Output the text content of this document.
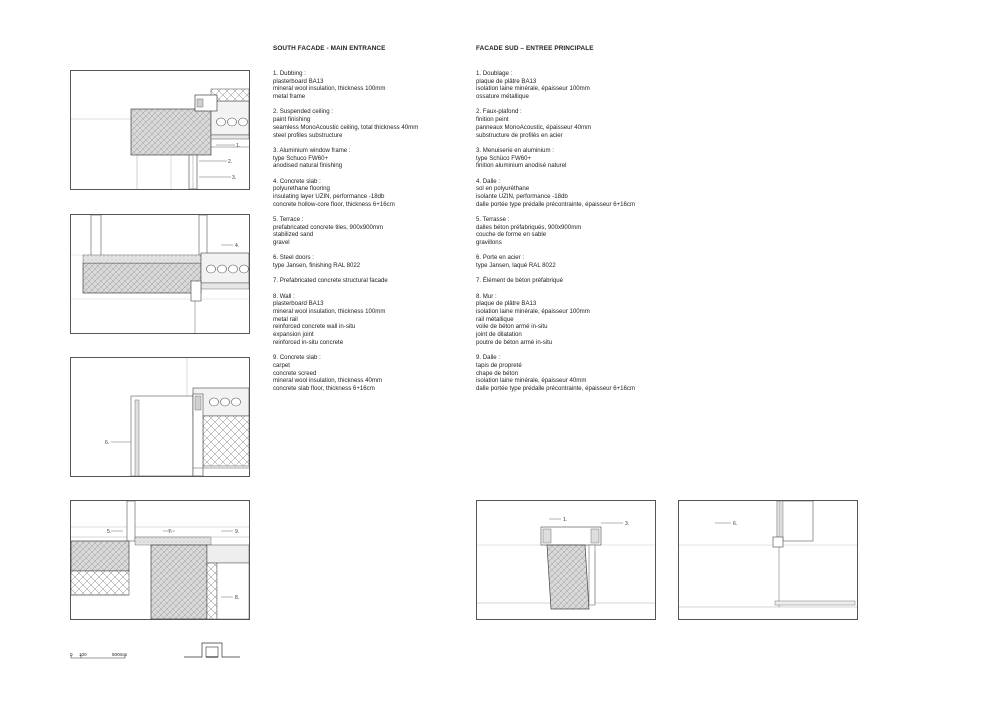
SOUTH FACADE - MAIN ENTRANCE	FACADE SUD – ENTREE PRINCIPALE
1. Dubbing :
plasterboard BA13
mineral wool insulation, thickness 100mm
metal frame
2. Suspended ceiling :
paint finishing
seamless MonoAcoustic ceiling, total thickness 40mm
steel profiles substructure
3. Aluminium window frame :
type Schuco FW60+
anodised natural finishing
4. Concrete slab :
polyurethane flooring
insulating layer UZIN, performance -18db
concrete hollow-core floor, thickness 6+16cm
5. Terrace :
prefabricated concrete tiles, 900x900mm
stabilized sand
gravel
6. Steel doors :
type Jansen, finishing RAL 8022
7. Prefabricated concrete structural facade
8. Wall :
plasterboard BA13
mineral wool insulation, thickness 100mm
metal rail
reinforced concrete wall in-situ
expansion joint
reinforced in-situ concrete
9. Concrete slab :
carpet
concrete screed
mineral wool insulation, thickness 40mm
concrete slab floor, thickness 6+16cm
1. Doublage :
plaque de plâtre BA13
isolation laine minérale, épaisseur 100mm
ossature métallique
2. Faux-plafond :
finition peint
panneaux MonoAcoustic, épaisseur 40mm
substructure de profilés en acier
3. Menuiserie en aluminium :
type Schüco FW60+
finition aluminium anodisé naturel
4. Dalle :
sol en polyuréthane
isolante UZIN, performance -18db
dalle portée type prédalle précontrainte, épaisseur 6+16cm
5. Terrasse :
dalles béton préfabriqués, 900x900mm
couche de forme en sable
gravillons
6. Porte en acier :
type Jansen, laqué RAL 8022
7. Élément de béton préfabriqué
8. Mur :
plaque de plâtre BA13
isolation laine minérale, épaisseur 100mm
rail métallique
voile de béton armé in-situ
joint de dilatation
poutre de béton armé in-situ
9. Dalle :
tapis de propreté
chape de béton
isolation laine minérale, épaisseur 40mm
dalle portée type prédalle précontrainte, épaisseur 6+16cm
1.
2.
3.
4.
6.
5.	7.	9.
8.
1.
3.	6.
0 100	500mm
